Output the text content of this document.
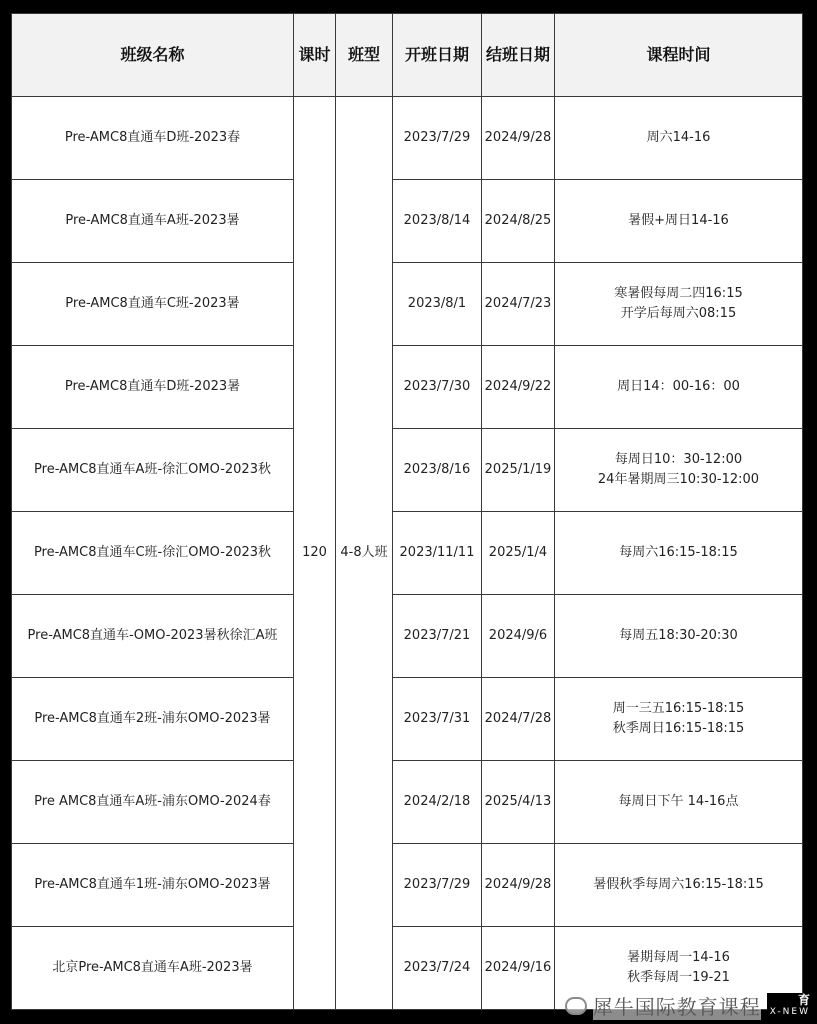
班级名称	课时	班型	开班日期	结班日期	课程时间
Pre-AMC8直通车D班-2023春	120	4-8人班	2023/7/29	2024/9/28	周六14-16

Pre-AMC8直通车A班-2023暑			2023/8/14	2024/8/25	暑假+周日14-16

Pre-AMC8直通车C班-2023暑			2023/8/1	2024/7/23	寒暑假每周二四16:15
开学后每周六08:15

Pre-AMC8直通车D班-2023暑			2023/7/30	2024/9/22	周日14：00-16：00

Pre-AMC8直通车A班-徐汇OMO-2023秋			2023/8/16	2025/1/19	每周日10：30-12:00
24年暑期周三10:30-12:00

Pre-AMC8直通车C班-徐汇OMO-2023秋			2023/11/11	2025/1/4	每周六16:15-18:15

Pre-AMC8直通车-OMO-2023暑秋徐汇A班			2023/7/21	2024/9/6	每周五18:30-20:30

Pre-AMC8直通车2班-浦东OMO-2023暑			2023/7/31	2024/7/28	周一三五16:15-18:15
秋季周日16:15-18:15

Pre AMC8直通车A班-浦东OMO-2024春			2024/2/18	2025/4/13	每周日下午 14-16点

Pre-AMC8直通车1班-浦东OMO-2023暑			2023/7/29	2024/9/28	暑假秋季每周六16:15-18:15

北京Pre-AMC8直通车A班-2023暑			2023/7/24	2024/9/16	暑期每周一14-16
秋季每周一19-21
犀牛国际教育课程	育
X-NEW
